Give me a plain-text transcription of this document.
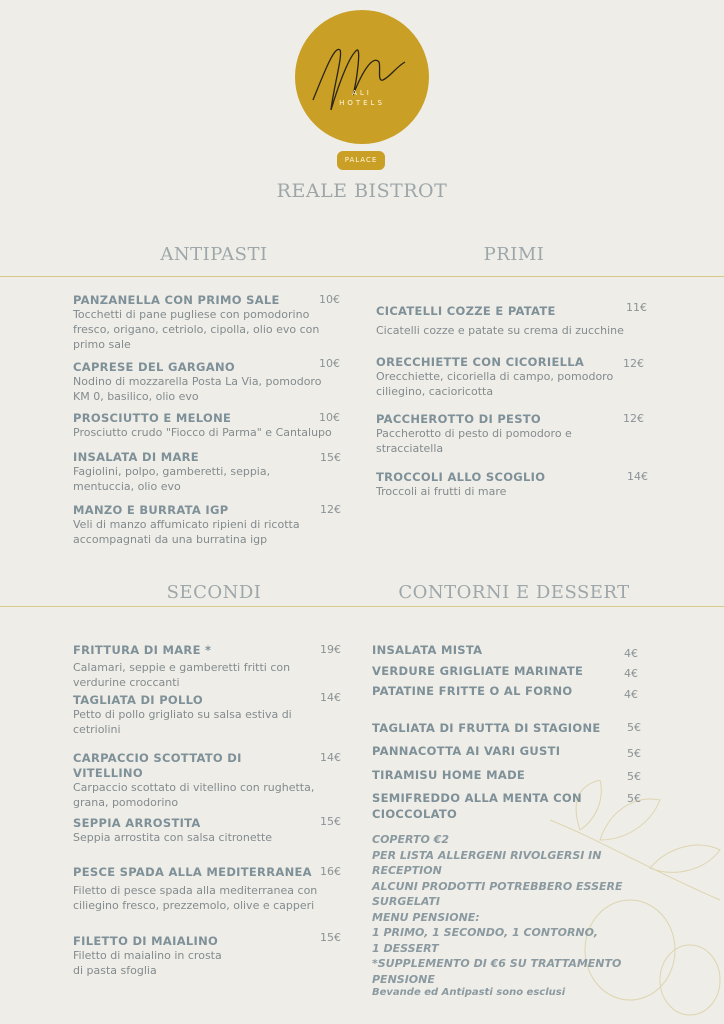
ALI
HOTELS
PALACE
REALE BISTROT
ANTIPASTI	PRIMI
PANZANELLA CON PRIMO SALE
Tocchetti di pane pugliese con pomodorino
fresco, origano, cetriolo, cipolla, olio evo con
primo sale
10€
CAPRESE DEL GARGANO
Nodino di mozzarella Posta La Via, pomodoro
KM 0, basilico, olio evo
10€
PROSCIUTTO E MELONE
Prosciutto crudo "Fiocco di Parma" e Cantalupo
10€
INSALATA DI MARE
Fagiolini, polpo, gamberetti, seppia,
mentuccia, olio evo
15€
MANZO E BURRATA IGP
Veli di manzo affumicato ripieni di ricotta
accompagnati da una burratina igp
12€
CICATELLI COZZE E PATATE
Cicatelli cozze e patate su crema di zucchine
11€
ORECCHIETTE CON CICORIELLA
Orecchiette, cicoriella di campo, pomodoro
ciliegino, cacioricotta
12€
PACCHEROTTO DI PESTO
Paccherotto di pesto di pomodoro e
stracciatella
12€
TROCCOLI ALLO SCOGLIO
Troccoli ai frutti di mare
14€
SECONDI	CONTORNI E DESSERT
FRITTURA DI MARE *
Calamari, seppie e gamberetti fritti con
verdurine croccanti
19€
TAGLIATA DI POLLO
Petto di pollo grigliato su salsa estiva di
cetriolini
14€
CARPACCIO SCOTTATO DI
VITELLINO
Carpaccio scottato di vitellino con rughetta,
grana, pomodorino
14€
SEPPIA ARROSTITA
Seppia arrostita con salsa citronette
15€
PESCE SPADA ALLA MEDITERRANEA
Filetto di pesce spada alla mediterranea con
ciliegino fresco, prezzemolo, olive e capperi
16€
FILETTO DI MAIALINO
Filetto di maialino in crosta
di pasta sfoglia
15€
INSALATA MISTA	4€
VERDURE GRIGLIATE MARINATE	4€
PATATINE FRITTE O AL FORNO	4€
TAGLIATA DI FRUTTA DI STAGIONE 5€
PANNACOTTA AI VARI GUSTI	5€
TIRAMISU HOME MADE	5€
SEMIFREDDO ALLA MENTA CON
CIOCCOLATO
5€
COPERTO €2
PER LISTA ALLERGENI RIVOLGERSI IN
RECEPTION
ALCUNI PRODOTTI POTREBBERO ESSERE
SURGELATI
MENU PENSIONE:
1 PRIMO, 1 SECONDO, 1 CONTORNO,
1 DESSERT
*SUPPLEMENTO DI €6 SU TRATTAMENTO
PENSIONE
Bevande ed Antipasti sono esclusi
